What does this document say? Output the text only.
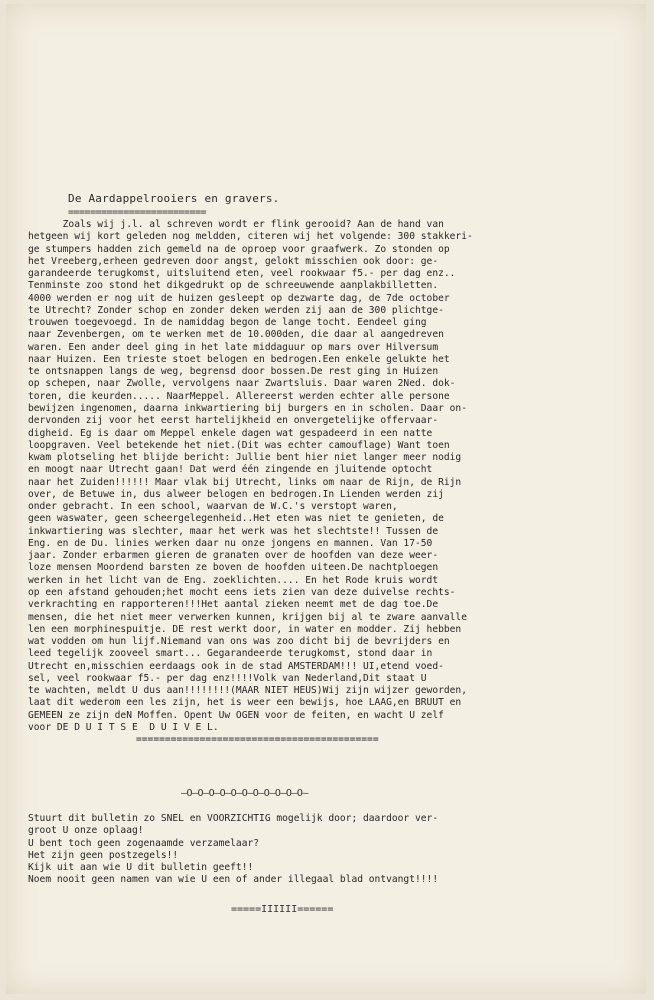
De Aardappelrooiers en gravers.
=========================
Zoals wij j.l. al schreven wordt er flink gerooid? Aan de hand van
hetgeen wij kort geleden nog meldden, citeren wij het volgende: 300 stakkeri-
ge stumpers hadden zich gemeld na de oproep voor graafwerk. Zo stonden op
het Vreeberg,erheen gedreven door angst, gelokt misschien ook door: ge-
garandeerde terugkomst, uitsluitend eten, veel rookwaar f5.- per dag enz..
Tenminste zoo stond het dikgedrukt op de schreeuwende aanplakbilletten.
4000 werden er nog uit de huizen gesleept op dezwarte dag, de 7de october
te Utrecht? Zonder schop en zonder deken werden zij aan de 300 plichtge-
trouwen toegevoegd. In de namiddag begon de lange tocht. Eendeel ging
naar Zevenbergen, om te werken met de 10.000den, die daar al aangedreven
waren. Een ander deel ging in het late middaguur op mars over Hilversum
naar Huizen. Een trieste stoet belogen en bedrogen.Een enkele gelukte het
te ontsnappen langs de weg, begrensd door bossen.De rest ging in Huizen
op schepen, naar Zwolle, vervolgens naar Zwartsluis. Daar waren 2Ned. dok-
toren, die keurden..... NaarMeppel. Allereerst werden echter alle persone
bewijzen ingenomen, daarna inkwartiering bij burgers en in scholen. Daar on-
dervonden zij voor het eerst hartelijkheid en onvergetelijke offervaar-
digheid. Eg is daar om Meppel enkele dagen wat gespadeerd in een natte
loopgraven. Veel betekende het niet.(Dit was echter camouflage) Want toen
kwam plotseling het blijde bericht: Jullie bent hier niet langer meer nodig
en moogt naar Utrecht gaan! Dat werd één zingende en jluitende optocht
naar het Zuiden!!!!!! Maar vlak bij Utrecht, links om naar de Rijn, de Rijn
over, de Betuwe in, dus alweer belogen en bedrogen.In Lienden werden zij
onder gebracht. In een school, waarvan de W.C.'s verstopt waren,
geen waswater, geen scheergelegenheid..Het eten was niet te genieten, de
inkwartiering was slechter, maar het werk was het slechtste!! Tussen de
Eng. en de Du. linies werken daar nu onze jongens en mannen. Van 17-50
jaar. Zonder erbarmen gieren de granaten over de hoofden van deze weer-
loze mensen Moordend barsten ze boven de hoofden uiteen.De nachtploegen
werken in het licht van de Eng. zoeklichten.... En het Rode kruis wordt
op een afstand gehouden;het mocht eens iets zien van deze duivelse rechts-
verkrachting en rapporteren!!!Het aantal zieken neemt met de dag toe.De
mensen, die het niet meer verwerken kunnen, krijgen bij al te zware aanvalle
len een morphinespuitje. DE rest werkt door, in water en modder. Zij hebben
wat vodden om hun lijf.Niemand van ons was zoo dicht bij de bevrijders en
leed tegelijk zooveel smart... Gegarandeerde terugkomst, stond daar in
Utrecht en,misschien eerdaags ook in de stad AMSTERDAM!!! UI,etend voed-
sel, veel rookwaar f5.- per dag enz!!!!Volk van Nederland,Dit staat U
te wachten, meldt U dus aan!!!!!!!!(MAAR NIET HEUS)Wij zijn wijzer geworden,
laat dit wederom een les zijn, het is weer een bewijs, hoe LAAG,en BRUUT en
GEMEEN ze zijn deN Moffen. Opent Uw OGEN voor de feiten, en wacht U zelf
voor DE D U I T S E  D U I V E L.
==========================================
—O—O—O—O—O—O—O—O—O—O—O—
Stuurt dit bulletin zo SNEL en VOORZICHTIG mogelijk door; daardoor ver-
groot U onze oplaag!
U bent toch geen zogenaamde verzamelaar?
Het zijn geen postzegels!!
Kijk uit aan wie U dit bulletin geeft!!
Noem nooit geen namen van wie U een of ander illegaal blad ontvangt!!!!
=====IIIIII======
